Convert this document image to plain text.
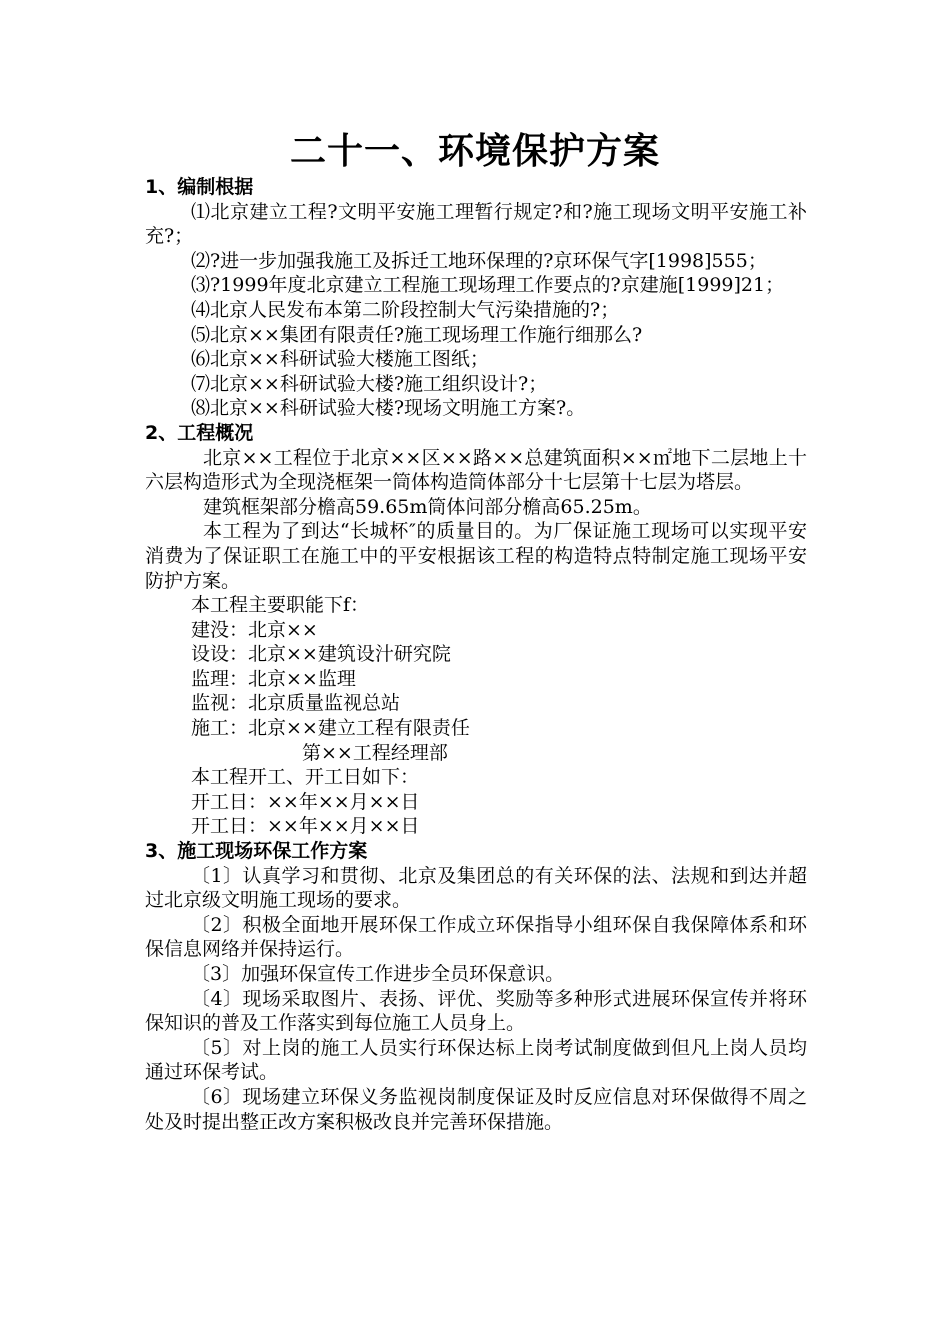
二十一、环境保护方案
1、编制根据

⑴北京建立工程?文明平安施工理暂行规定?和?施工现场文明平安施工补充?；

⑵?进一步加强我施工及拆迁工地环保理的?京环保气字[1998]555；

⑶?1999年度北京建立工程施工现场理工作要点的?京建施[1999]21；

⑷北京人民发布本第二阶段控制大气污染措施的?；

⑸北京××集团有限责任?施工现场理工作施行细那么?

⑹北京××科研试验大楼施工图纸；

⑺北京××科研试验大楼?施工组织设计?；

⑻北京××科研试验大楼?现场文明施工方案?。

2、工程概况

北京××工程位于北京××区××路××总建筑面积××㎡地下二层地上十六层构造形式为全现浇框架一筒体构造筒体部分十七层第十七层为塔层。

建筑框架部分檐高59.65m筒体问部分檐高65.25m。

本工程为了到达“长城杯″的质量目的。为厂保证施工现场可以实现平安消费为了保证职工在施工中的平安根据该工程的构造特点特制定施工现场平安防护方案。

本工程主要职能下f：

建没：北京××

设设：北京××建筑设汁研究院

监理：北京××监理

监视：北京质量监视总站

施工：北京××建立工程有限责任

第××工程经理部

本工程开工、开工日如下：

开工日：××年××月××日

开工日：××年××月××日

3、施工现场环保工作方案

〔1〕认真学习和贯彻、北京及集团总的有关环保的法、法规和到达并超过北京级文明施工现场的要求。

〔2〕积极全面地开展环保工作成立环保指导小组环保自我保障体系和环保信息网络并保持运行。

〔3〕加强环保宣传工作进步全员环保意识。

〔4〕现场采取图片、表扬、评优、奖励等多种形式进展环保宣传并将环保知识的普及工作落实到每位施工人员身上。

〔5〕对上岗的施工人员实行环保达标上岗考试制度做到但凡上岗人员均通过环保考试。

〔6〕现场建立环保义务监视岗制度保证及时反应信息对环保做得不周之处及时提出整正改方案积极改良并完善环保措施。
